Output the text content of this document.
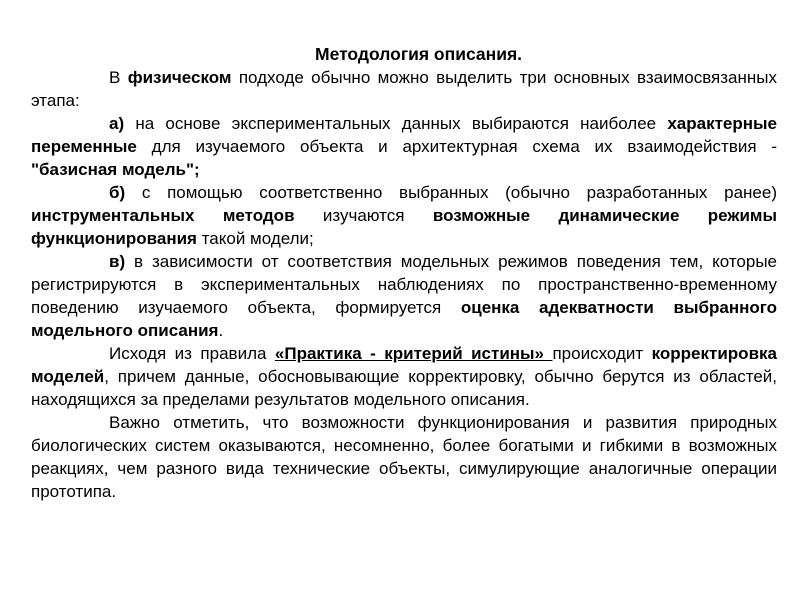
Методология описания.

В физическом подходе обычно можно выделить три основных взаимосвязанных этапа:

а) на основе экспериментальных данных выбираются наиболее характерные переменные для изучаемого объекта и архитектурная схема их взаимодействия - "базисная модель";

б) с помощью соответственно выбранных (обычно разработанных ранее) инструментальных методов изучаются возможные динамические режимы функционирования такой модели;

в) в зависимости от соответствия модельных режимов поведения тем, которые регистрируются в экспериментальных наблюдениях по пространственно-временному поведению изучаемого объекта, формируется оценка адекватности выбранного модельного описания.

Исходя из правила «Практика - критерий истины» происходит корректировка моделей, причем данные, обосновывающие корректировку, обычно берутся из областей, находящихся за пределами результатов модельного описания.

Важно отметить, что возможности функционирования и развития природных биологических систем оказываются, несомненно, более богатыми и гибкими в возможных реакциях, чем разного вида технические объекты, симулирующие аналогичные операции прототипа.
